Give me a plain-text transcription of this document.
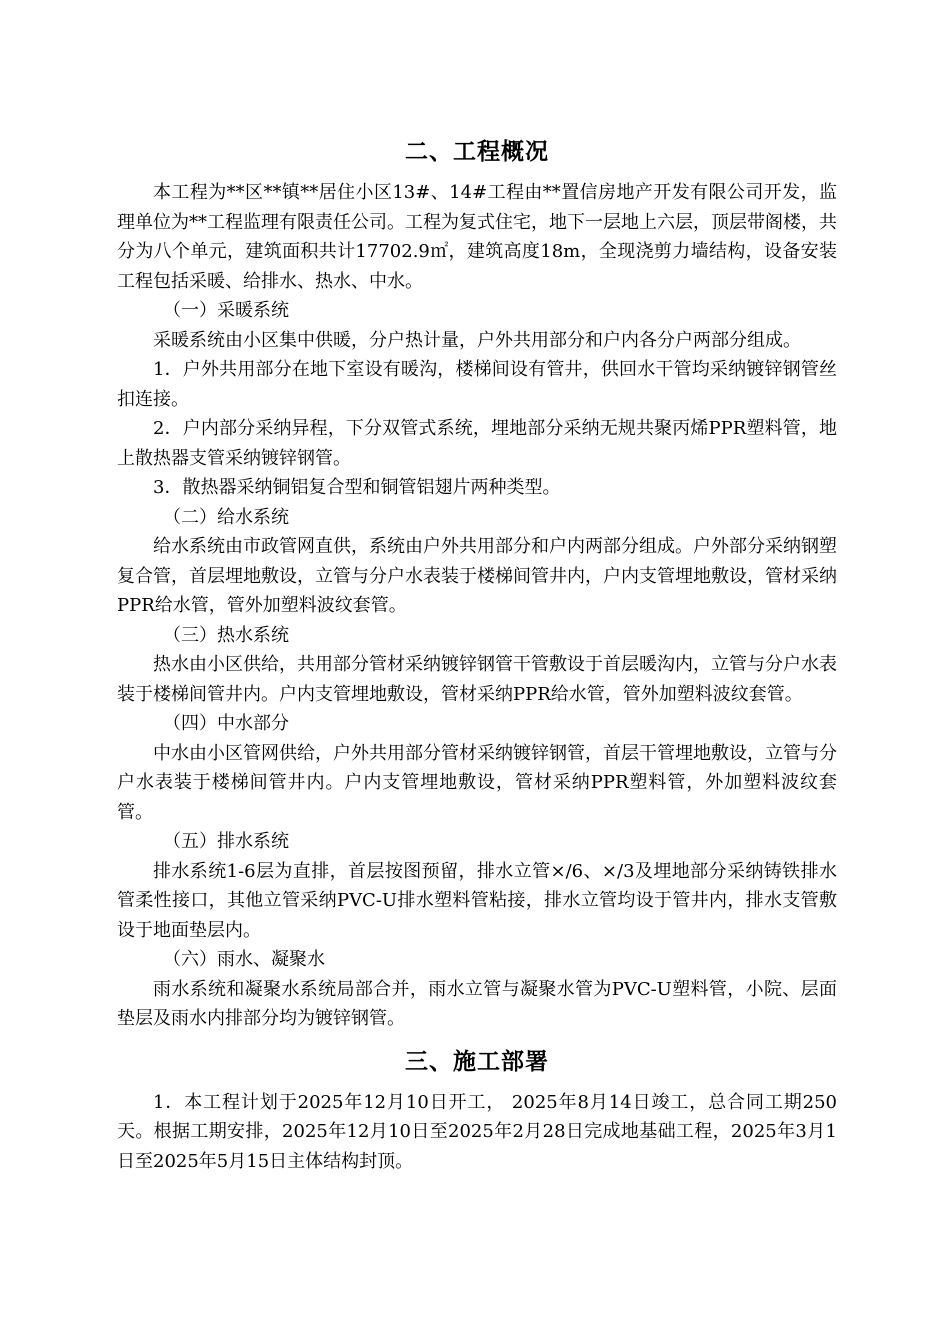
二、工程概况

本工程为**区**镇**居住小区13#、14#工程由**置信房地产开发有限公司开发，监理单位为**工程监理有限责任公司。工程为复式住宅，地下一层地上六层，顶层带阁楼，共分为八个单元，建筑面积共计17702.9㎡，建筑高度18m，全现浇剪力墙结构，设备安装工程包括采暖、给排水、热水、中水。

（一）采暖系统

采暖系统由小区集中供暖，分户热计量，户外共用部分和户内各分户两部分组成。

1．户外共用部分在地下室设有暖沟，楼梯间设有管井，供回水干管均采纳镀锌钢管丝扣连接。

2．户内部分采纳异程，下分双管式系统，埋地部分采纳无规共聚丙烯PPR塑料管，地上散热器支管采纳镀锌钢管。

3．散热器采纳铜铝复合型和铜管铝翅片两种类型。

（二）给水系统

给水系统由市政管网直供，系统由户外共用部分和户内两部分组成。户外部分采纳钢塑复合管，首层埋地敷设，立管与分户水表装于楼梯间管井内，户内支管埋地敷设，管材采纳PPR给水管，管外加塑料波纹套管。

（三）热水系统

热水由小区供给，共用部分管材采纳镀锌钢管干管敷设于首层暖沟内，立管与分户水表装于楼梯间管井内。户内支管埋地敷设，管材采纳PPR给水管，管外加塑料波纹套管。

（四）中水部分

中水由小区管网供给，户外共用部分管材采纳镀锌钢管，首层干管埋地敷设，立管与分户水表装于楼梯间管井内。户内支管埋地敷设，管材采纳PPR塑料管，外加塑料波纹套管。

（五）排水系统

排水系统1-6层为直排，首层按图预留，排水立管×/6、×/3及埋地部分采纳铸铁排水管柔性接口，其他立管采纳PVC-U排水塑料管粘接，排水立管均设于管井内，排水支管敷设于地面垫层内。

（六）雨水、凝聚水

雨水系统和凝聚水系统局部合并，雨水立管与凝聚水管为PVC-U塑料管，小院、层面垫层及雨水内排部分均为镀锌钢管。

三、施工部署

1．本工程计划于2025年12月10日开工， 2025年8月14日竣工，总合同工期250天。根据工期安排，2025年12月10日至2025年2月28日完成地基础工程，2025年3月1日至2025年5月15日主体结构封顶。
